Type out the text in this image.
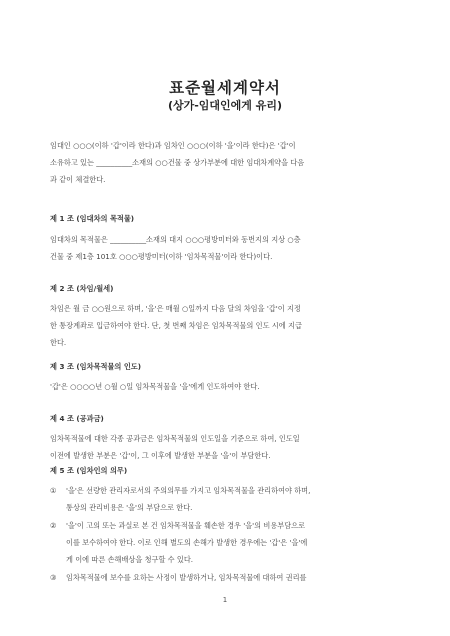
표준월세계약서
(상가-임대인에게 유리)
임대인 ○○○(이하 '갑'이라 한다)과 임차인 ○○○(이하 '을'이라 한다)은 '갑'이
소유하고 있는 __________소재의 ○○건물 중 상가부분에 대한 임대차계약을 다음
과 같이 체결한다.
제 1 조 (임대차의 목적물)
임대차의 목적물은 __________소재의 대지 ○○○평방미터와 동번지의 지상 ○층
건물 중 제1층 101호 ○○○평방미터(이하 '임차목적물'이라 한다)이다.
제 2 조 (차임/월세)
차임은 월 금 ○○원으로 하며, '을'은 매월 ○일까지 다음 달의 차임을 '갑'이 지정
한 통장계좌로 입금하여야 한다. 단, 첫 번째 차임은 임차목적물의 인도 시에 지급
한다.
제 3 조 (임차목적물의 인도)
'갑'은 ○○○○년 ○월 ○일 임차목적물을 '을'에게 인도하여야 한다.
제 4 조 (공과금)
임차목적물에 대한 각종 공과금은 임차목적물의 인도일을 기준으로 하여, 인도일
이전에 발생한 부분은 '갑'이, 그 이후에 발생한 부분을 '을'이 부담한다.
제 5 조 (임차인의 의무)
① '을'은 선량한 관리자로서의 주의의무를 가지고 임차목적물을 관리하여야 하며,
통상의 관리비용은 '을'의 부담으로 한다.
② '을'이 고의 또는 과실로 본 건 임차목적물을 훼손한 경우 '을'의 비용부담으로
이를 보수하여야 한다. 이로 인해 별도의 손해가 발생한 경우에는 '갑'은 '을'에
게 이에 따른 손해배상을 청구할 수 있다.
③ 임차목적물에 보수를 요하는 사정이 발생하거나, 임차목적물에 대하여 권리를
1
